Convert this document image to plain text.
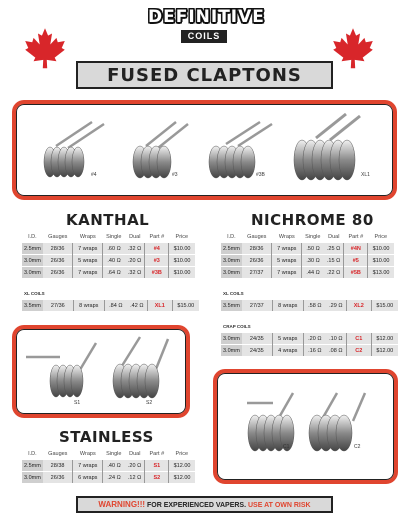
DEFINITIVE
COILS
FUSED CLAPTONS
#4	#3	#3B	XL1
KANTHAL
I.D.	Gauges	Wraps	Single	Dual	Part #	Price
2.5mm	28/36	7 wraps	.60 Ω	.32 Ω	#4	$10.00
3.0mm	26/36	5 wraps	.40 Ω	.20 Ω	#3	$10.00
3.0mm	26/36	7 wraps	.64 Ω	.32 Ω	#3B	$10.00
XL COILS
3.5mm	27/36	8 wraps	.84 Ω	.42 Ω	XL1	$15.00
NICHROME 80
I.D.	Gauges	Wraps	Single	Dual	Part #	Price
2.5mm	28/36	7 wraps	.50 Ω	.25 Ω	#4N	$10.00
3.0mm	26/36	5 wraps	.30 Ω	.15 Ω	#5	$10.00
3.0mm	27/37	7 wraps	.44 Ω	.22 Ω	#5B	$13.00
XL COILS
3.5mm	27/37	8 wraps	.58 Ω	.29 Ω	XL2	$15.00
CRAP COILS
3.0mm	24/35	5 wraps	.20 Ω	.10 Ω	C1	$12.00
3.0mm	24/35	4 wraps	.16 Ω	.08 Ω	C2	$12.00
S1	S2
C1	C2
STAINLESS
I.D.	Gauges	Wraps	Single	Dual	Part #	Price
2.5mm	28/38	7 wraps	.40 Ω	.20 Ω	S1	$12.00
3.0mm	26/36	6 wraps	.24 Ω	.12 Ω	S2	$12.00
WARNING!!! FOR EXPERIENCED VAPERS. USE AT OWN RISK
